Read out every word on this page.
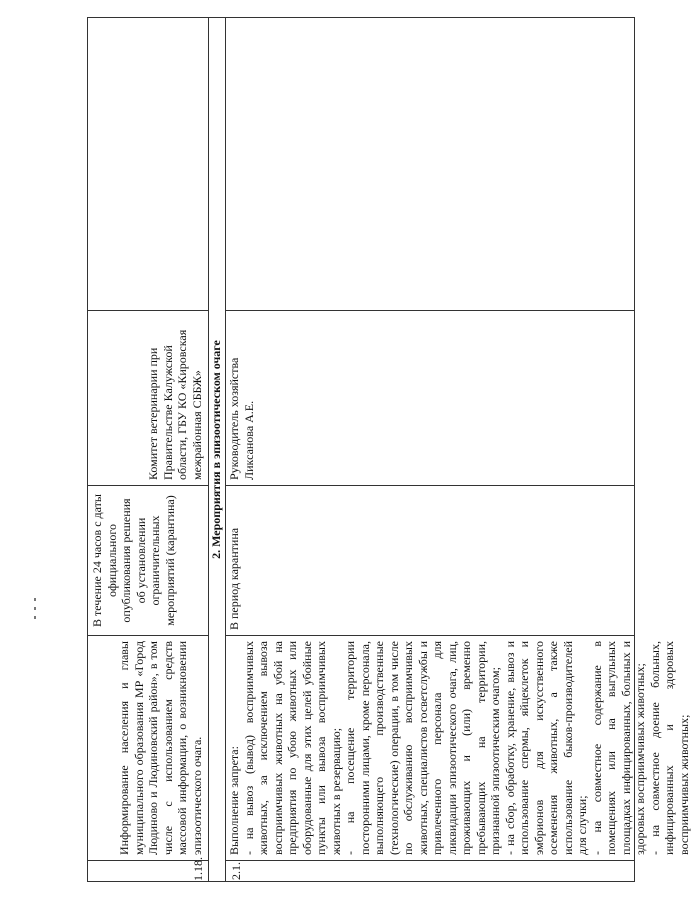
1.18.
Информирование населения и главы муниципального образования МР «Город Людиново и Людиновский район», в том числе с использованием средств массовой информации, о возникновении эпизоотического очага.
В течение 24 часов с даты официального опубликования решения об установлении ограничительных мероприятий (карантина)
Комитет ветеринарии при Правительстве Калужской области, ГБУ КО «Кировская межрайонная СББЖ» 2. Мероприятия в эпизоотическом очаге
2.1.
Выполнение запрета: - на вывоз (вывод) восприимчивых животных, за исключением вывоза восприимчивых животных на убой на предприятия по убою животных или оборудованные для этих целей убойные пункты или вывоза восприимчивых животных в резервацию; - на посещение территории посторонними лицами, кроме персонала, выполняющего производственные (технологические) операции, в том числе по обслуживанию восприимчивых животных, специалистов госветслужбы и привлеченного персонала для ликвидации эпизоотического очага, лиц, проживающих и (или) временно пребывающих на территории, признанной эпизоотическим очагом; - на сбор, обработку, хранение, вывоз и использование спермы, яйцеклеток и эмбрионов для искусственного осеменения животных, а также использование быков-производителей для случки; - на совместное содержание в помещениях или на выгульных площадках инфицированных, больных и здоровых восприимчивых животных; - на совместное доение больных, инфицированных и здоровых восприимчивых животных;
В период карантина
Руководитель хозяйства Ликсанова А.Е.
